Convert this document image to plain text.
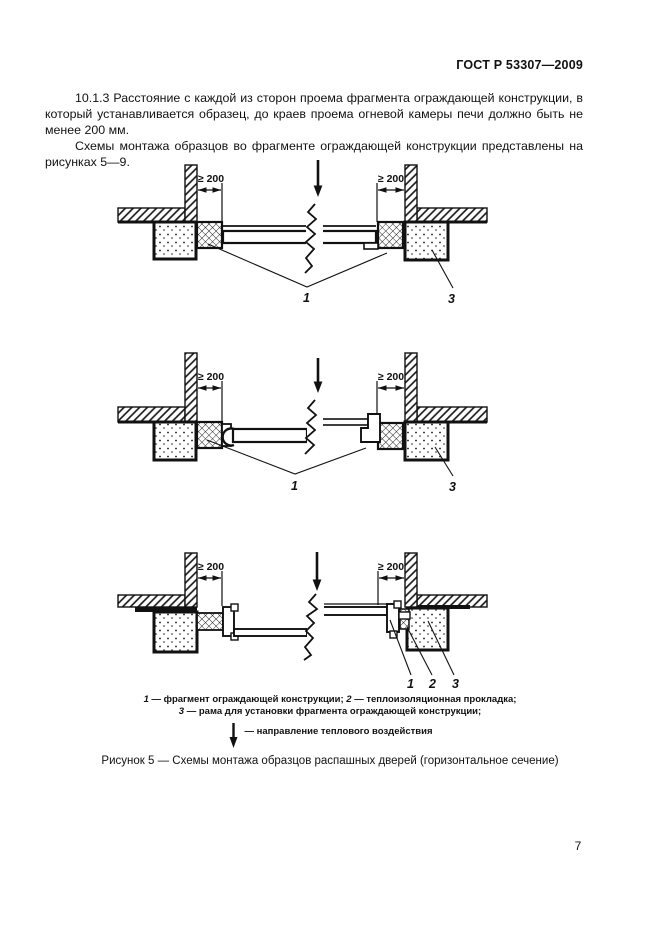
ГОСТ Р 53307—2009

10.1.3 Расстояние с каждой из сторон проема фрагмента ограждающей конструкции, в который устанавливается образец, до краев проема огневой камеры печи должно быть не менее 200 мм.

Схемы монтажа образцов во фрагменте ограждающей конструкции представлены на рисунках 5—9.

≥ 200	≥ 200
1	3
≥ 200	≥ 200
1	3
≥ 200	≥ 200
1 2 3
1 — фрагмент ограждающей конструкции; 2 — теплоизоляционная прокладка;
3 — рама для установки фрагмента ограждающей конструкции;
— направление теплового воздействия
Рисунок 5 — Схемы монтажа образцов распашных дверей (горизонтальное сечение)
7
